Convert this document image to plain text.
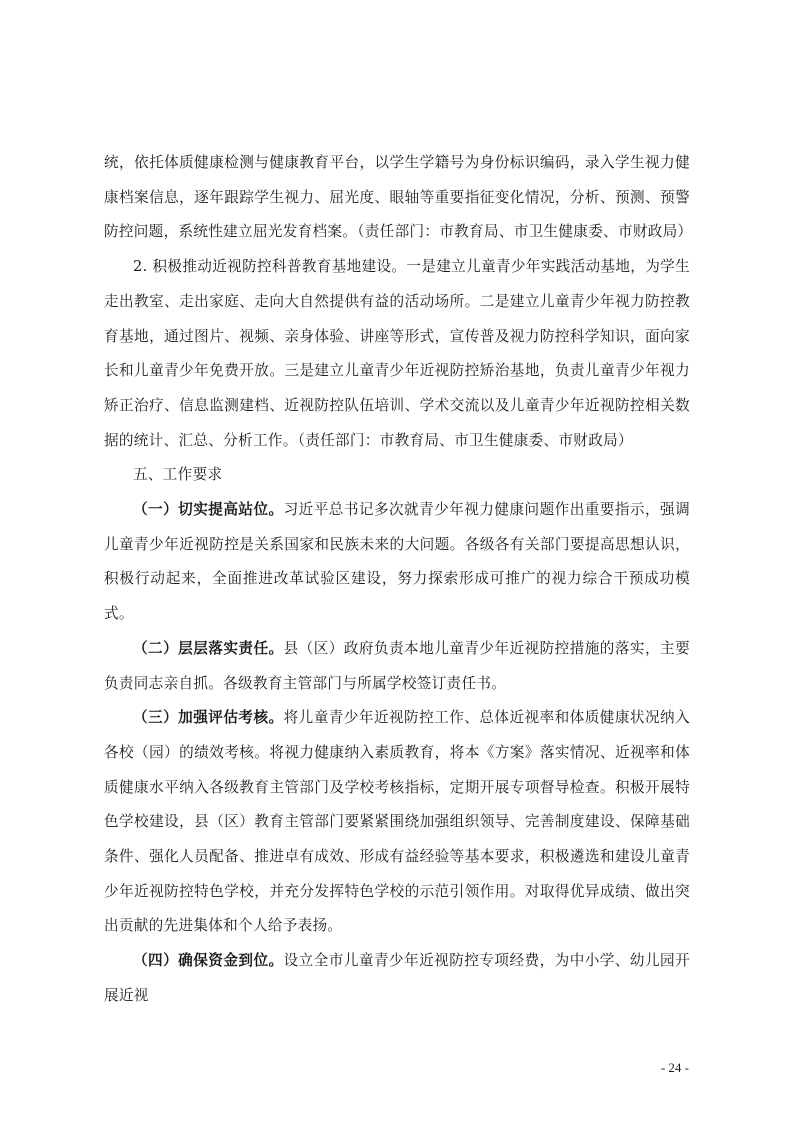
统，依托体质健康检测与健康教育平台，以学生学籍号为身份标识编码，录入学生视力健康档案信息，逐年跟踪学生视力、屈光度、眼轴等重要指征变化情况，分析、预测、预警防控问题，系统性建立屈光发育档案。（责任部门：市教育局、市卫生健康委、市财政局）

2. 积极推动近视防控科普教育基地建设。一是建立儿童青少年实践活动基地，为学生走出教室、走出家庭、走向大自然提供有益的活动场所。二是建立儿童青少年视力防控教育基地，通过图片、视频、亲身体验、讲座等形式，宣传普及视力防控科学知识，面向家长和儿童青少年免费开放。三是建立儿童青少年近视防控矫治基地，负责儿童青少年视力矫正治疗、信息监测建档、近视防控队伍培训、学术交流以及儿童青少年近视防控相关数据的统计、汇总、分析工作。（责任部门：市教育局、市卫生健康委、市财政局）

五、工作要求

（一）切实提高站位。习近平总书记多次就青少年视力健康问题作出重要指示，强调儿童青少年近视防控是关系国家和民族未来的大问题。各级各有关部门要提高思想认识，积极行动起来，全面推进改革试验区建设，努力探索形成可推广的视力综合干预成功模式。

（二）层层落实责任。县（区）政府负责本地儿童青少年近视防控措施的落实，主要负责同志亲自抓。各级教育主管部门与所属学校签订责任书。

（三）加强评估考核。将儿童青少年近视防控工作、总体近视率和体质健康状况纳入各校（园）的绩效考核。将视力健康纳入素质教育，将本《方案》落实情况、近视率和体质健康水平纳入各级教育主管部门及学校考核指标，定期开展专项督导检查。积极开展特色学校建设，县（区）教育主管部门要紧紧围绕加强组织领导、完善制度建设、保障基础条件、强化人员配备、推进卓有成效、形成有益经验等基本要求，积极遴选和建设儿童青少年近视防控特色学校，并充分发挥特色学校的示范引领作用。对取得优异成绩、做出突出贡献的先进集体和个人给予表扬。

（四）确保资金到位。设立全市儿童青少年近视防控专项经费，为中小学、幼儿园开展近视

- 24 -
